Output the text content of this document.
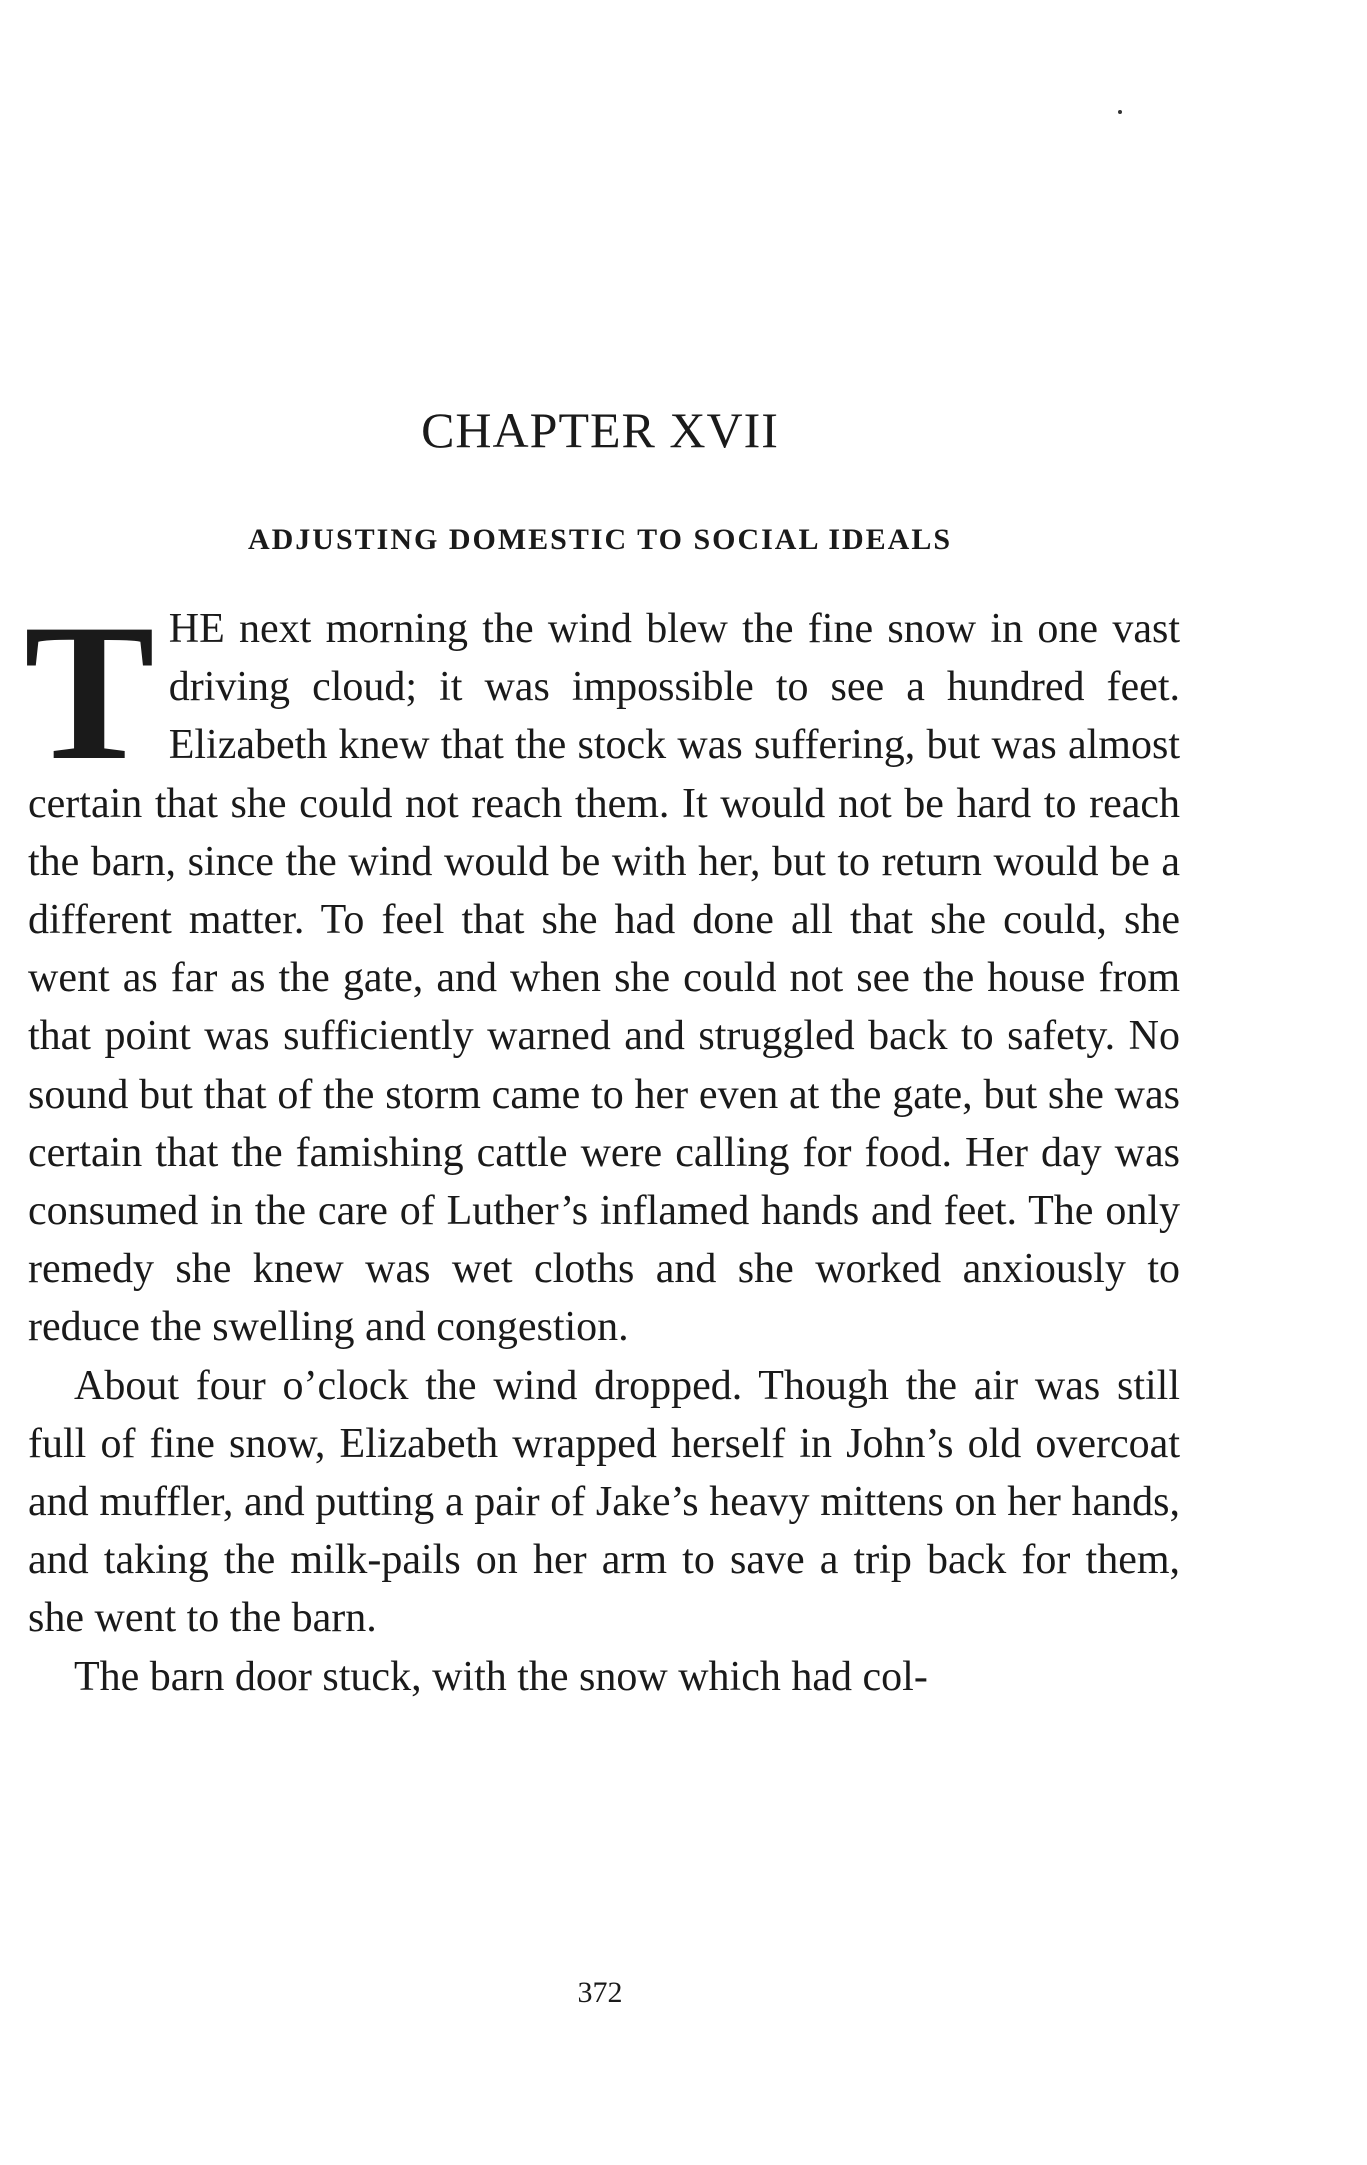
CHAPTER XVII
ADJUSTING DOMESTIC TO SOCIAL IDEALS

THE next morning the wind blew the fine snow in one vast driving cloud; it was impossible to see a hundred feet. Elizabeth knew that the stock was suffering, but was almost certain that she could not reach them. It would not be hard to reach the barn, since the wind would be with her, but to return would be a different matter. To feel that she had done all that she could, she went as far as the gate, and when she could not see the house from that point was sufficiently warned and struggled back to safety. No sound but that of the storm came to her even at the gate, but she was certain that the famishing cattle were calling for food. Her day was consumed in the care of Luther’s inflamed hands and feet. The only remedy she knew was wet cloths and she worked anxiously to reduce the swelling and congestion.

About four o’clock the wind dropped. Though the air was still full of fine snow, Elizabeth wrapped herself in John’s old overcoat and muffler, and putting a pair of Jake’s heavy mittens on her hands, and taking the milk-pails on her arm to save a trip back for them, she went to the barn.

The barn door stuck, with the snow which had col-

372
